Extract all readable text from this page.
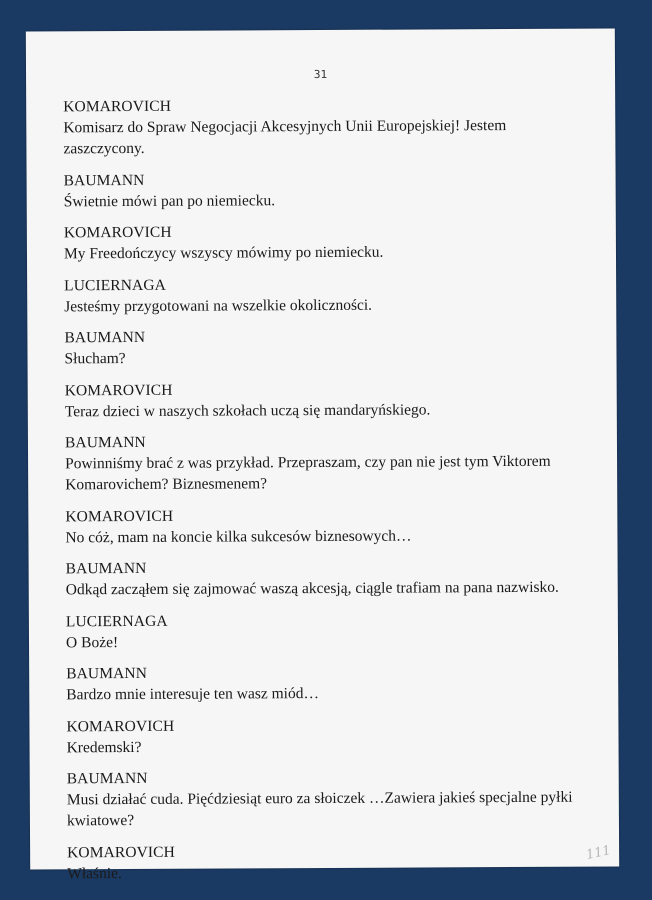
31
KOMAROVICH
Komisarz do Spraw Negocjacji Akcesyjnych Unii Europejskiej! Jestem zaszczycony.
BAUMANN
Świetnie mówi pan po niemiecku.
KOMAROVICH
My Freedończycy wszyscy mówimy po niemiecku.
LUCIERNAGA
Jesteśmy przygotowani na wszelkie okoliczności.
BAUMANN
Słucham?
KOMAROVICH
Teraz dzieci w naszych szkołach uczą się mandaryńskiego.
BAUMANN
Powinniśmy brać z was przykład. Przepraszam, czy pan nie jest tym Viktorem Komarovichem? Biznesmenem?
KOMAROVICH
No cóż, mam na koncie kilka sukcesów biznesowych…
BAUMANN
Odkąd zacząłem się zajmować waszą akcesją, ciągle trafiam na pana nazwisko.
LUCIERNAGA
O Boże!
BAUMANN
Bardzo mnie interesuje ten wasz miód…
KOMAROVICH
Kredemski?
BAUMANN
Musi działać cuda. Pięćdziesiąt euro za słoiczek …Zawiera jakieś specjalne pyłki kwiatowe?
KOMAROVICH
Właśnie.
111
